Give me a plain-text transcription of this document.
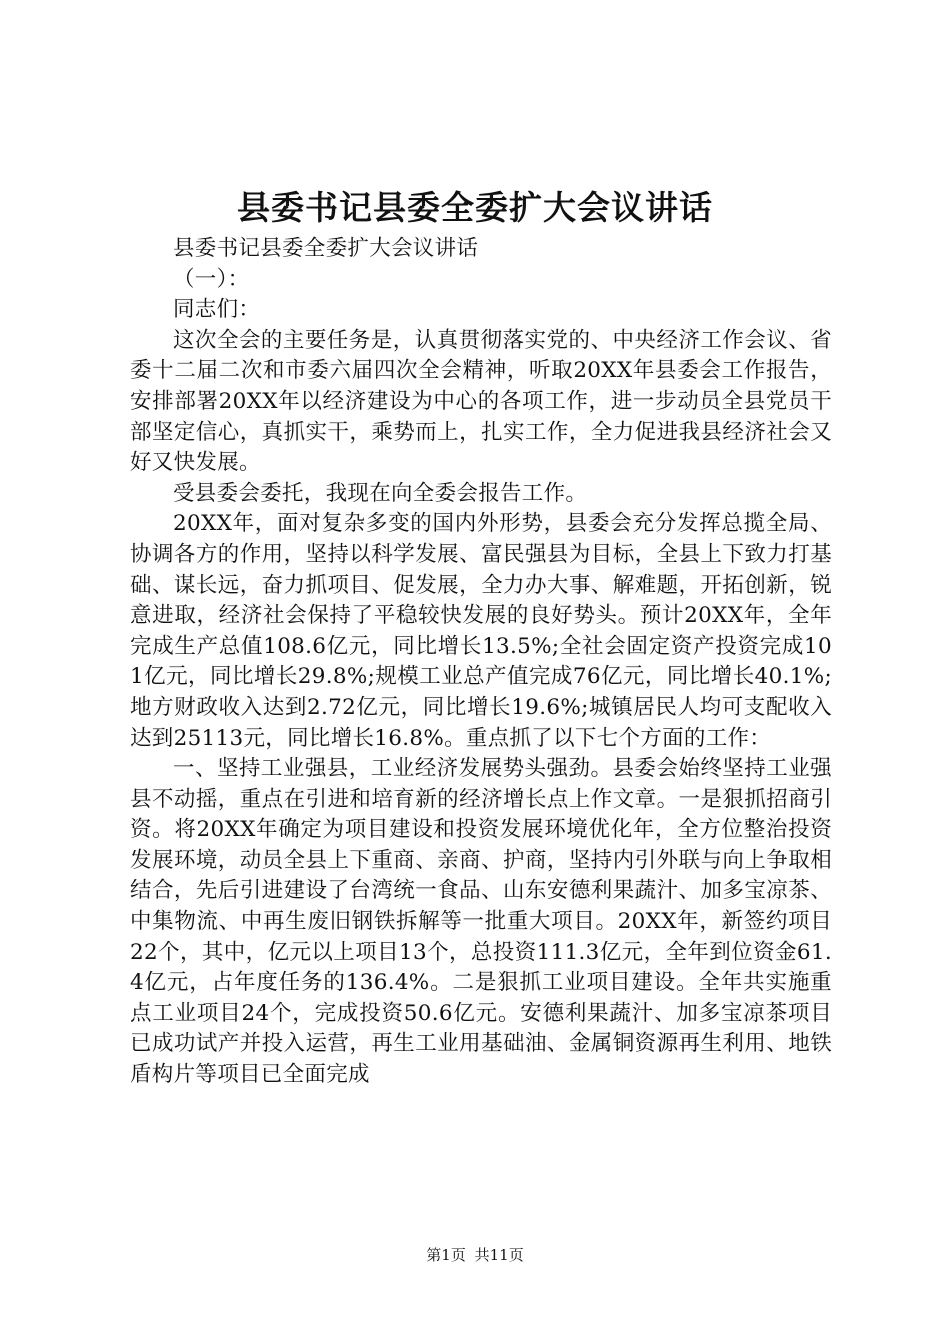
县委书记县委全委扩大会议讲话

县委书记县委全委扩大会议讲话

（一）：

同志们：

这次全会的主要任务是，认真贯彻落实党的、中央经济工作会议、省委十二届二次和市委六届四次全会精神，听取20XX年县委会工作报告，安排部署20XX年以经济建设为中心的各项工作，进一步动员全县党员干部坚定信心，真抓实干，乘势而上，扎实工作，全力促进我县经济社会又好又快发展。

受县委会委托，我现在向全委会报告工作。

20XX年，面对复杂多变的国内外形势，县委会充分发挥总揽全局、协调各方的作用，坚持以科学发展、富民强县为目标，全县上下致力打基础、谋长远，奋力抓项目、促发展，全力办大事、解难题，开拓创新，锐意进取，经济社会保持了平稳较快发展的良好势头。预计20XX年，全年完成生产总值108.6亿元，同比增长13.5%;全社会固定资产投资完成101亿元，同比增长29.8%;规模工业总产值完成76亿元，同比增长40.1%;地方财政收入达到2.72亿元，同比增长19.6%;城镇居民人均可支配收入达到25113元，同比增长16.8%。重点抓了以下七个方面的工作：

一、坚持工业强县，工业经济发展势头强劲。县委会始终坚持工业强县不动摇，重点在引进和培育新的经济增长点上作文章。一是狠抓招商引资。将20XX年确定为项目建设和投资发展环境优化年，全方位整治投资发展环境，动员全县上下重商、亲商、护商，坚持内引外联与向上争取相结合，先后引进建设了台湾统一食品、山东安德利果蔬汁、加多宝凉茶、中集物流、中再生废旧钢铁拆解等一批重大项目。20XX年，新签约项目22个，其中，亿元以上项目13个，总投资111.3亿元，全年到位资金61.4亿元，占年度任务的136.4%。二是狠抓工业项目建设。全年共实施重点工业项目24个，完成投资50.6亿元。安德利果蔬汁、加多宝凉茶项目已成功试产并投入运营，再生工业用基础油、金属铜资源再生利用、地铁盾构片等项目已全面完成

第1页 共11页
